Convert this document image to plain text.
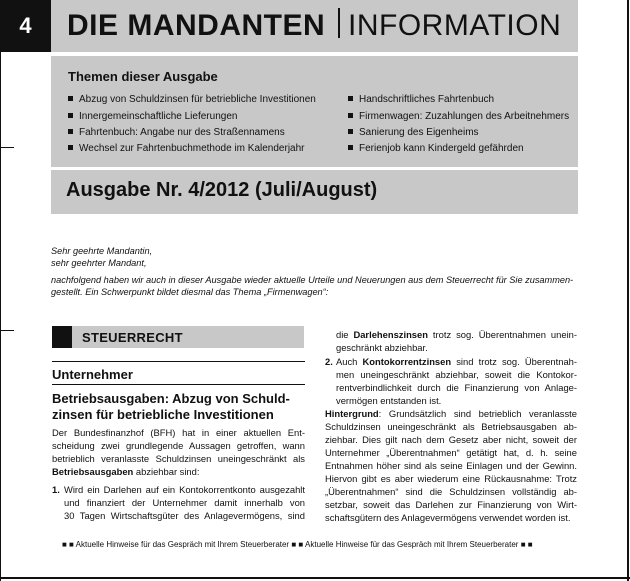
4	DIE MANDANTEN INFORMATION
Themen dieser Ausgabe
Abzug von Schuldzinsen für betriebliche Investitionen
Innergemeinschaftliche Lieferungen
Fahrtenbuch: Angabe nur des Straßennamens
Wechsel zur Fahrtenbuchmethode im Kalenderjahr
Handschriftliches Fahrtenbuch
Firmenwagen: Zuzahlungen des Arbeitnehmers
Sanierung des Eigenheims
Ferienjob kann Kindergeld gefährden
Ausgabe Nr. 4/2012 (Juli/August)
Sehr geehrte Mandantin,
sehr geehrter Mandant,
nachfolgend haben wir auch in dieser Ausgabe wieder aktuelle Urteile und Neuerungen aus dem Steuerrecht für Sie zusammen-
gestellt. Ein Schwerpunkt bildet diesmal das Thema „Firmenwagen“:
STEUERRECHT
Unternehmer
Betriebsausgaben: Abzug von Schuld-
zinsen für betriebliche Investitionen
Der Bundesfinanzhof (BFH) hat in einer aktuellen Ent-
scheidung zwei grundlegende Aussagen getroffen, wann
betrieblich veranlasste Schuldzinsen uneingeschränkt als
Betriebsausgaben abziehbar sind:
1. Wird ein Darlehen auf ein Kontokorrentkonto ausgezahlt
und finanziert der Unternehmer damit innerhalb von
30 Tagen Wirtschaftsgüter des Anlagevermögens, sind
die Darlehenszinsen trotz sog. Überentnahmen unein-
geschränkt abziehbar.
2. Auch Kontokorrentzinsen sind trotz sog. Überentnah-
men uneingeschränkt abziehbar, soweit die Kontokor-
rentverbindlichkeit durch die Finanzierung von Anlage-
vermögen entstanden ist.
Hintergrund: Grundsätzlich sind betrieblich veranlasste
Schuldzinsen uneingeschränkt als Betriebsausgaben ab-
ziehbar. Dies gilt nach dem Gesetz aber nicht, soweit der
Unternehmer „Überentnahmen“ getätigt hat, d. h. seine
Entnahmen höher sind als seine Einlagen und der Gewinn.
Hiervon gibt es aber wiederum eine Rückausnahme: Trotz
„Überentnahmen“ sind die Schuldzinsen vollständig ab-
setzbar, soweit das Darlehen zur Finanzierung von Wirt-
schaftsgütern des Anlagevermögens verwendet worden ist.
■ ■ Aktuelle Hinweise für das Gespräch mit Ihrem Steuerberater ■ ■ Aktuelle Hinweise für das Gespräch mit Ihrem Steuerberater ■ ■
